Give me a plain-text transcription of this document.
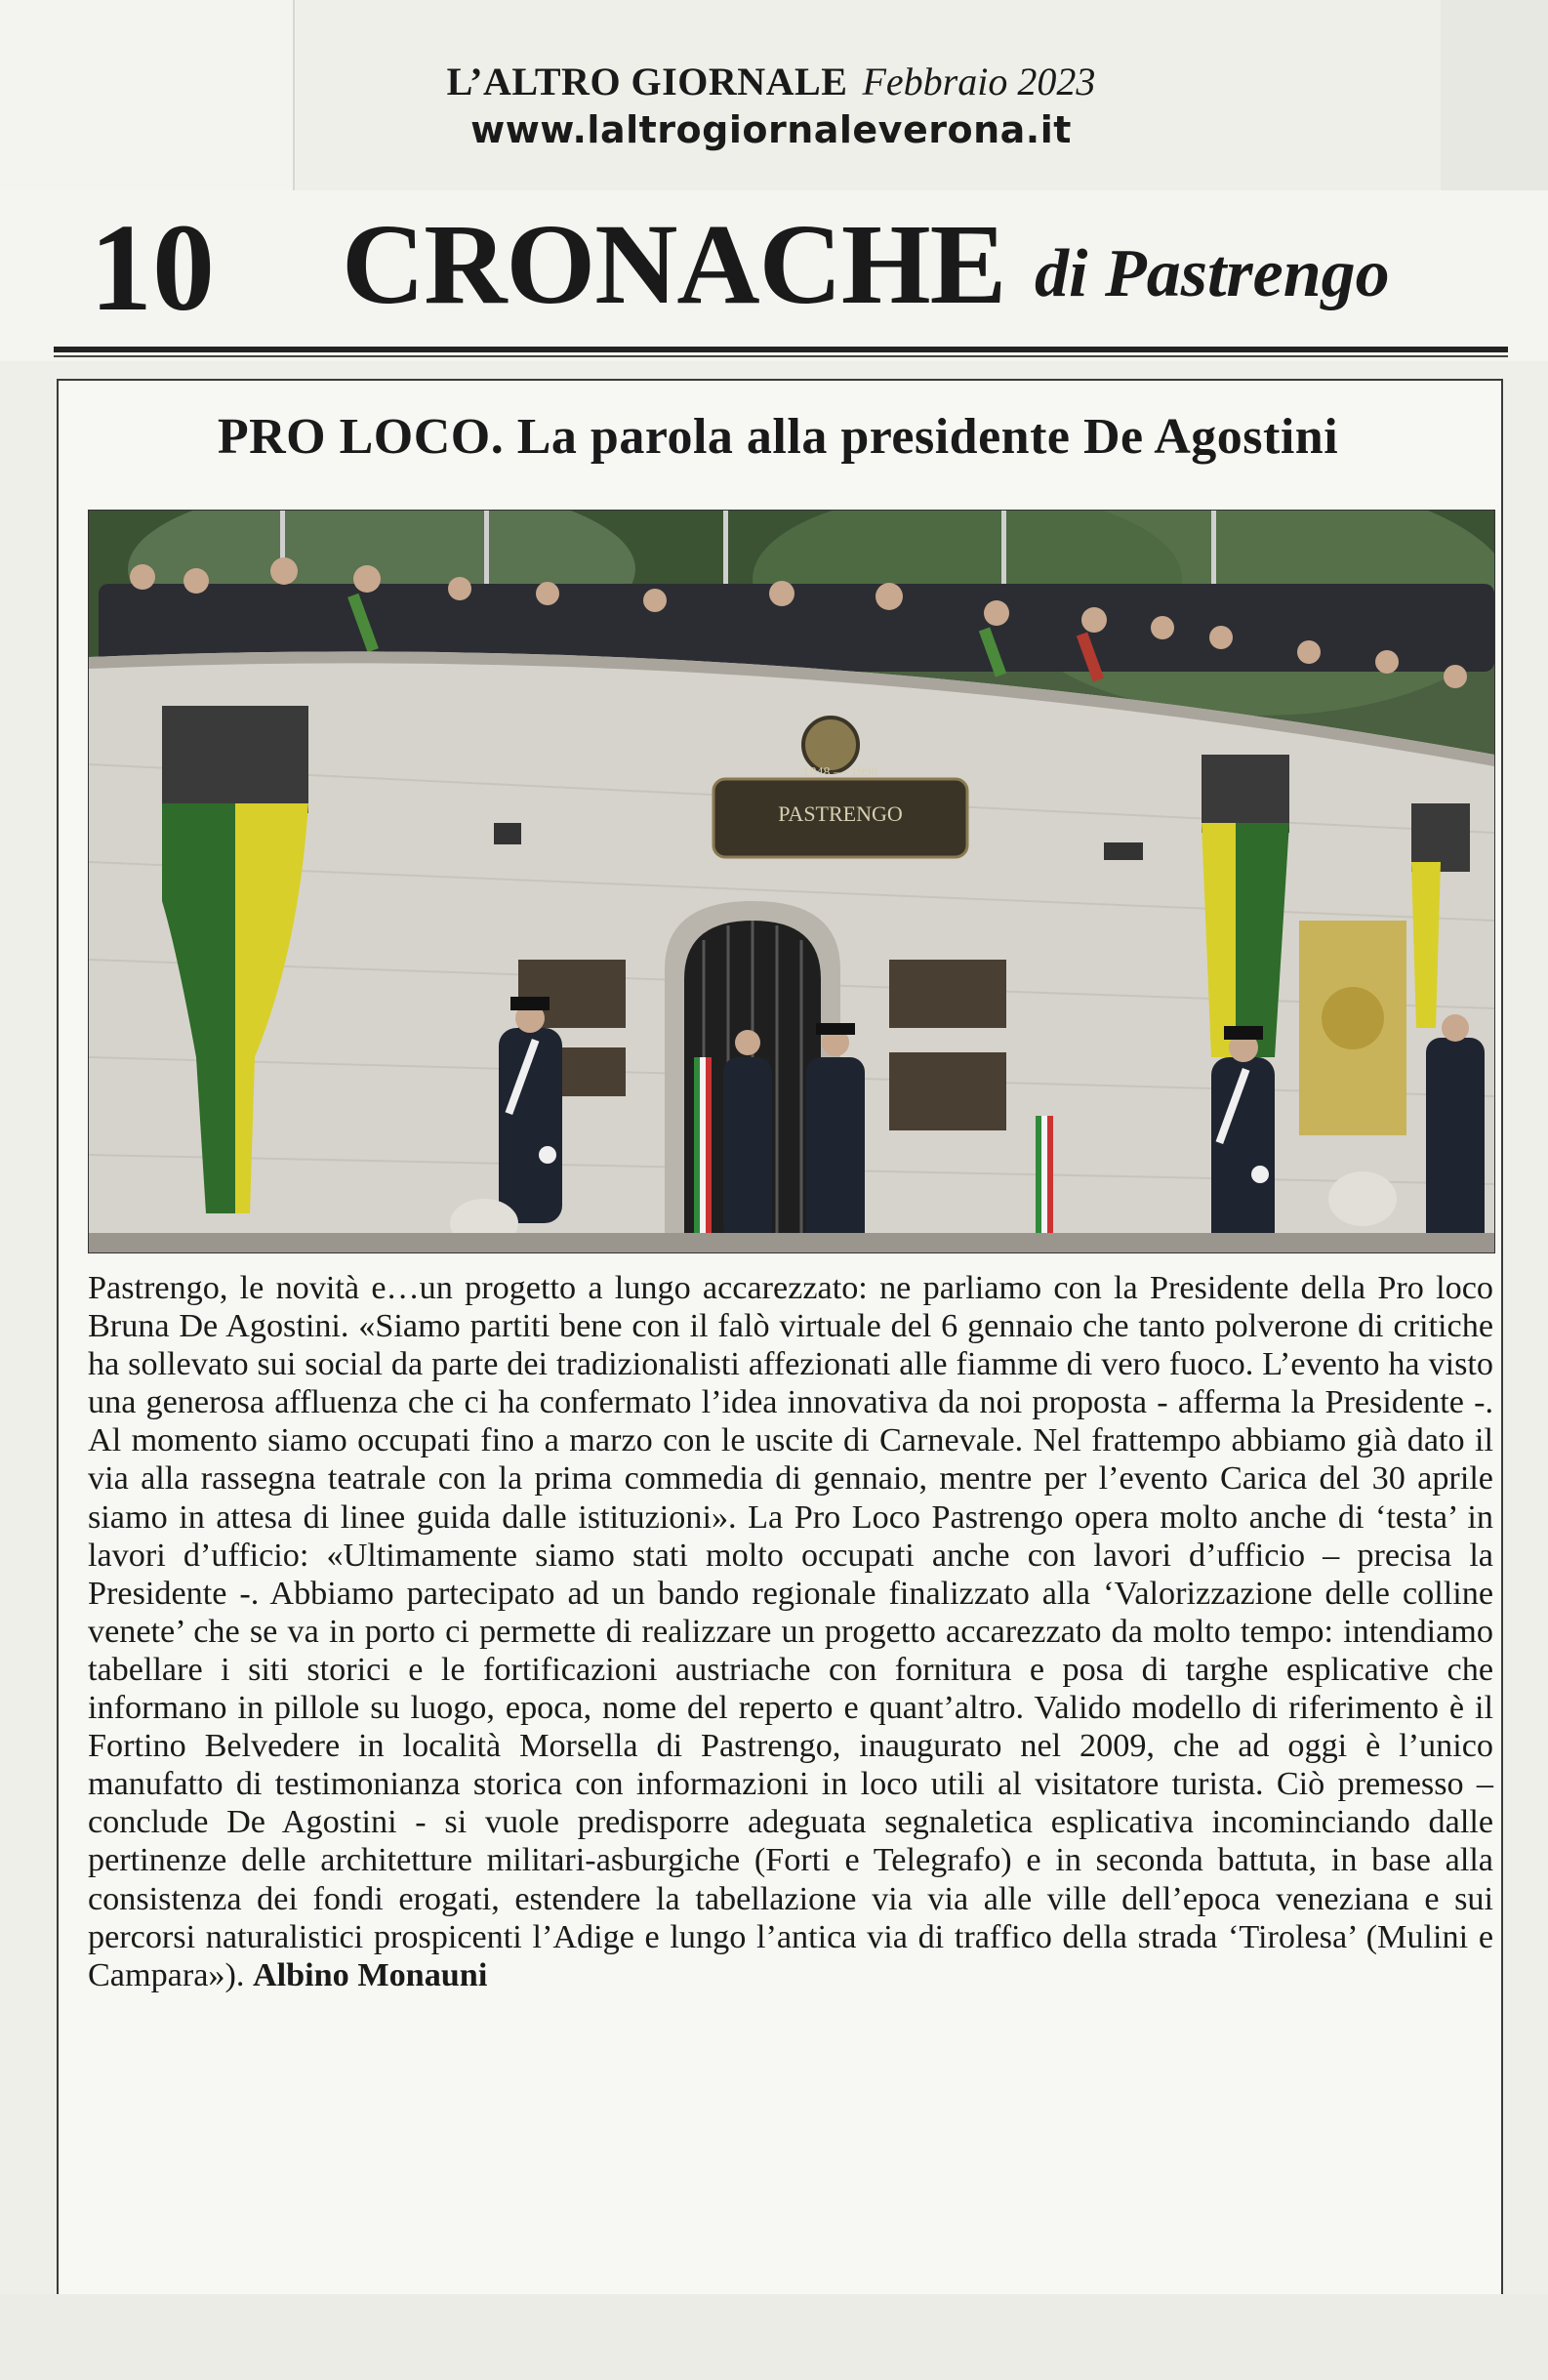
L’ALTRO GIORNALE Febbraio 2023
www.laltrogiornaleverona.it
10 CRONACHE di Pastrengo
PRO LOCO. La parola alla presidente De Agostini
PASTRENGO
1848 — 1998
Pastrengo, le novità e…un progetto a lungo accarezzato: ne parliamo con la Presidente della Pro loco Bruna De Agostini. «Siamo partiti bene con il falò virtuale del 6 gennaio che tanto polverone di critiche ha sollevato sui social da parte dei tradizionalisti affezionati alle fiamme di vero fuoco. L’evento ha visto una generosa affluenza che ci ha confermato l’idea innovativa da noi proposta - afferma la Presidente -. Al momento siamo occupati fino a marzo con le uscite di Carnevale. Nel frattempo abbiamo già dato il via alla rassegna teatrale con la prima commedia di gennaio, mentre per l’evento Carica del 30 aprile siamo in attesa di linee guida dalle istituzioni». La Pro Loco Pastrengo opera molto anche di ‘testa’ in lavori d’ufficio: «Ultimamente siamo stati molto occupati anche con lavori d’ufficio – precisa la Presidente -. Abbiamo partecipato ad un bando regionale finalizzato alla ‘Valorizzazione delle colline venete’ che se va in porto ci permette di realizzare un progetto accarezzato da molto tempo: intendiamo tabellare i siti storici e le fortificazioni austriache con fornitura e posa di targhe esplicative che informano in pillole su luogo, epoca, nome del reperto e quant’altro. Valido modello di riferimento è il Fortino Belvedere in località Morsella di Pastrengo, inaugurato nel 2009, che ad oggi è l’unico manufatto di testimonianza storica con informazioni in loco utili al visitatore turista. Ciò premesso – conclude De Agostini - si vuole predisporre adeguata segnaletica esplicativa incominciando dalle pertinenze delle architetture militari-asburgiche (Forti e Telegrafo) e in seconda battuta, in base alla consistenza dei fondi erogati, estendere la tabellazione via via alle ville dell’epoca veneziana e sui percorsi naturalistici prospicenti l’Adige e lungo l’antica via di traffico della strada ‘Tirolesa’ (Mulini e Campara»). Albino Monauni
